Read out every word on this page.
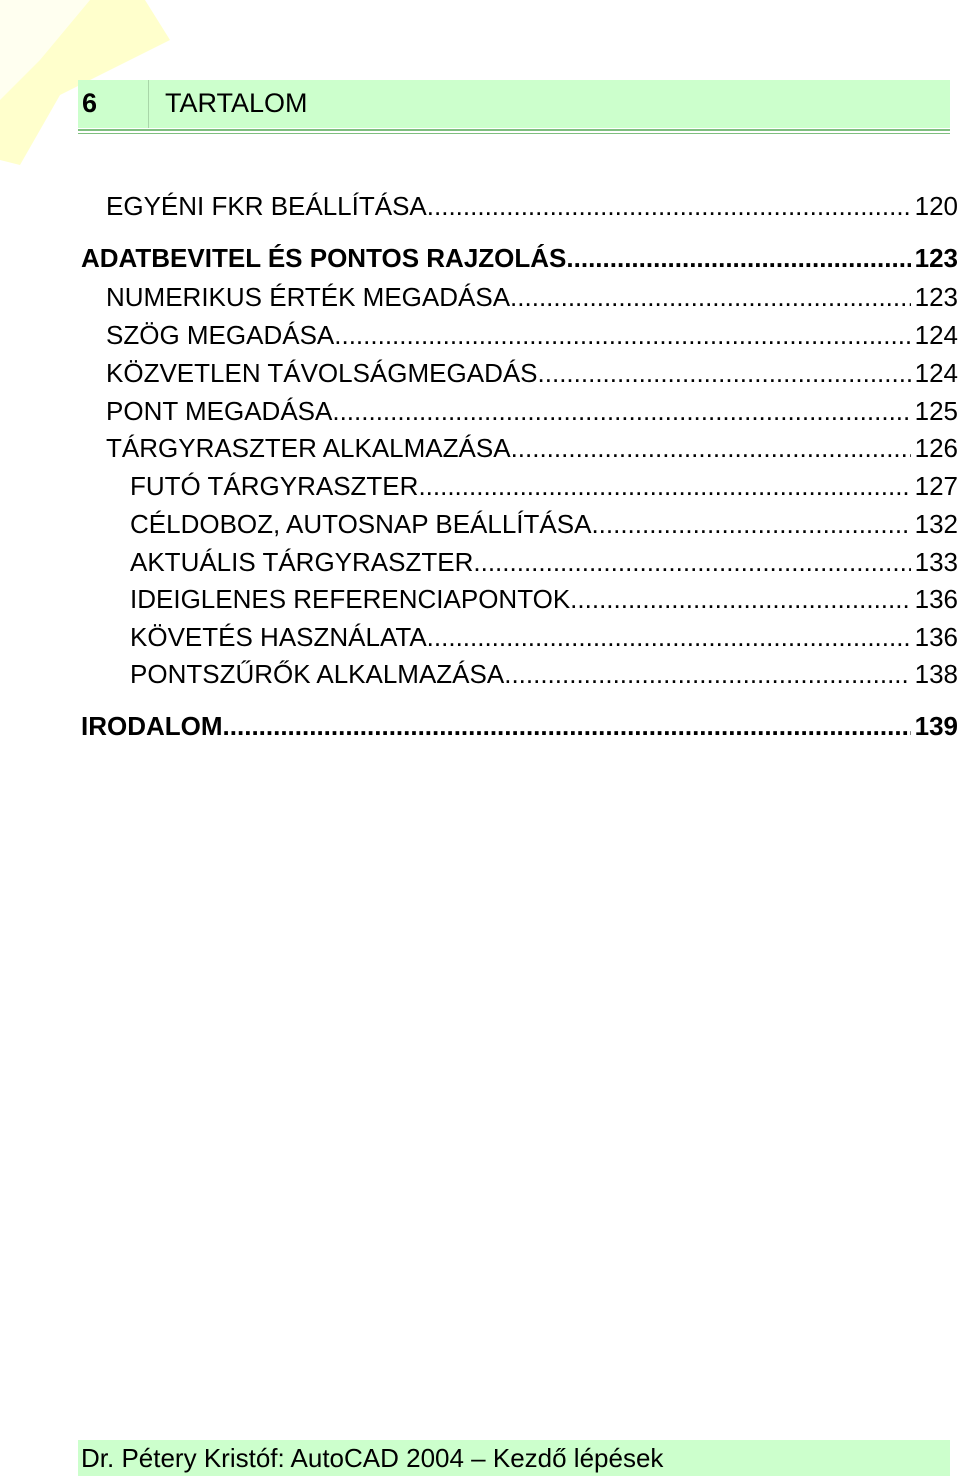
6	TARTALOM
EGYÉNI FKR BEÁLLÍTÁSA .....	120
ADATBEVITEL ÉS PONTOS RAJZOLÁS .....	123
NUMERIKUS ÉRTÉK MEGADÁSA .....	123
SZÖG MEGADÁSA .....	124
KÖZVETLEN TÁVOLSÁGMEGADÁS .....	124
PONT MEGADÁSA .....	125
TÁRGYRASZTER ALKALMAZÁSA .....	126
FUTÓ TÁRGYRASZTER .....	127
CÉLDOBOZ, AUTOSNAP BEÁLLÍTÁSA .....	132
AKTUÁLIS TÁRGYRASZTER .....	133
IDEIGLENES REFERENCIAPONTOK .....	136
KÖVETÉS HASZNÁLATA .....	136
PONTSZŰRŐK ALKALMAZÁSA .....	138
IRODALOM .....	139
Dr. Pétery Kristóf: AutoCAD 2004 – Kezdő lépések
